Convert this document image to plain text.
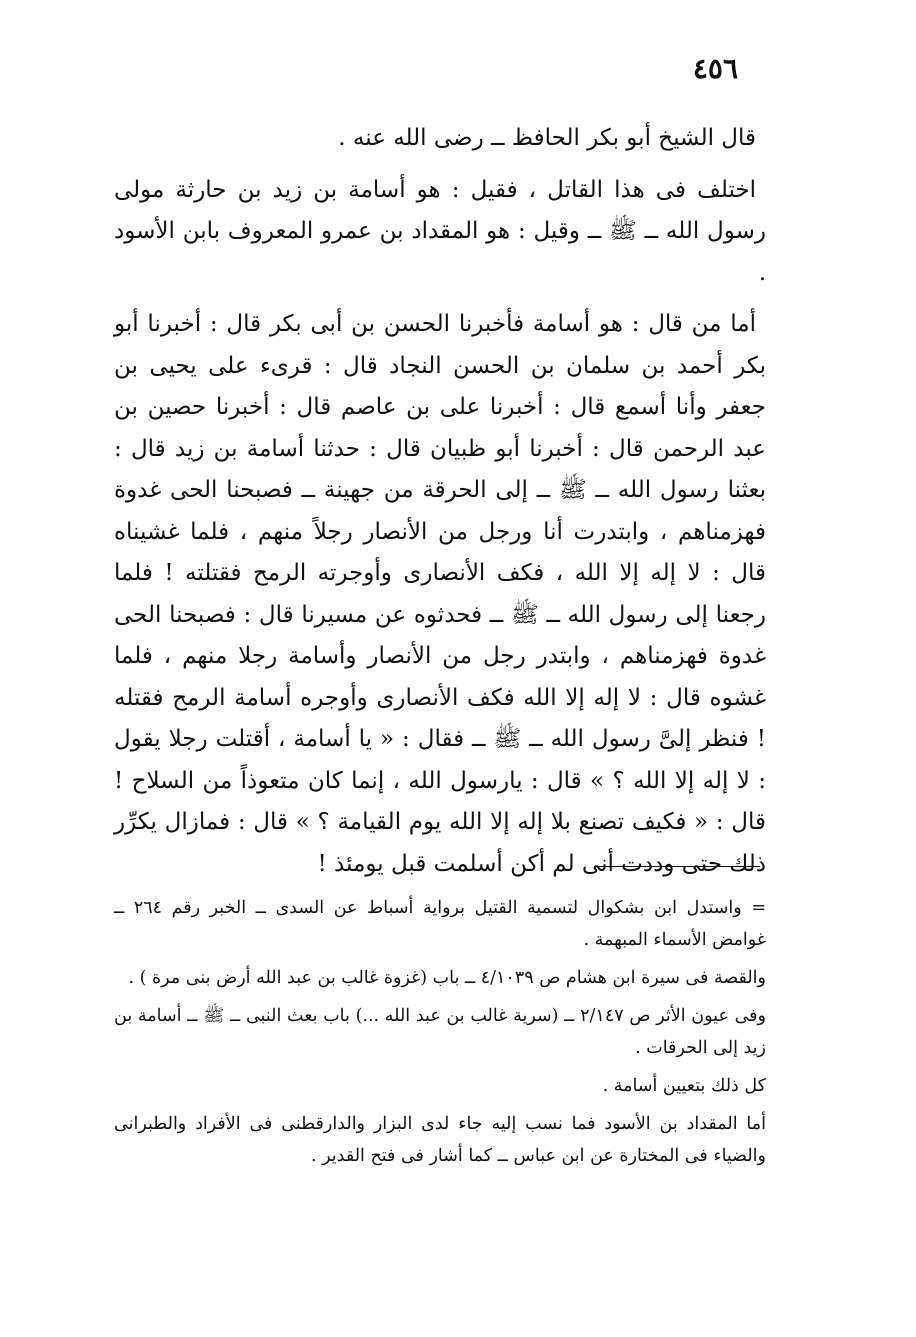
٤٥٦

قال الشيخ أبو بكر الحافظ ــ رضى الله عنه .

اختلف فى هذا القاتل ، فقيل : هو أسامة بن زيد بن حارثة مولى رسول الله ــ ﷺ ــ وقيل : هو المقداد بن عمرو المعروف بابن الأسود .

أما من قال : هو أسامة فأخبرنا الحسن بن أبى بكر قال : أخبرنا أبو بكر أحمد بن سلمان بن الحسن النجاد قال : قرىء على يحيى بن جعفر وأنا أسمع قال : أخبرنا على بن عاصم قال : أخبرنا حصين بن عبد الرحمن قال : أخبرنا أبو ظبيان قال : حدثنا أسامة بن زيد قال : بعثنا رسول الله ــ ﷺ ــ إلى الحرقة من جهينة ــ فصبحنا الحى غدوة فهزمناهم ، وابتدرت أنا ورجل من الأنصار رجلاً منهم ، فلما غشيناه قال : لا إله إلا الله ، فكف الأنصارى وأوجرته الرمح فقتلته ! فلما رجعنا إلى رسول الله ــ ﷺ ــ فحدثوه عن مسيرنا قال : فصبحنا الحى غدوة فهزمناهم ، وابتدر رجل من الأنصار وأسامة رجلا منهم ، فلما غشوه قال : لا إله إلا الله فكف الأنصارى وأوجره أسامة الرمح فقتله ! فنظر إلىَّ رسول الله ــ ﷺ ــ فقال : « يا أسامة ، أقتلت رجلا يقول : لا إله إلا الله ؟ » قال : يارسول الله ، إنما كان متعوذاً من السلاح ! قال : « فكيف تصنع بلا إله إلا الله يوم القيامة ؟ » قال : فمازال يكرِّر ذلك حتى وددت أنى لم أكن أسلمت قبل يومئذ !

= واستدل ابن بشكوال لتسمية القتيل برواية أسباط عن السدى ــ الخبر رقم ٢٦٤ ــ غوامض الأسماء المبهمة .

والقصة فى سيرة ابن هشام ص ٤/١٠٣٩ ــ باب (غزوة غالب بن عبد الله أرض بنى مرة ) .

وفى عيون الأثر ص ٢/١٤٧ ــ (سرية غالب بن عبد الله ...) باب بعث النبى ــ ﷺ ــ أسامة بن زيد إلى الحرقات .

كل ذلك بتعيين أسامة .

أما المقداد بن الأسود فما نسب إليه جاء لدى البزار والدارقطنى فى الأفراد والطبرانى والضياء فى المختارة عن ابن عباس ــ كما أشار فى فتح القدير .
